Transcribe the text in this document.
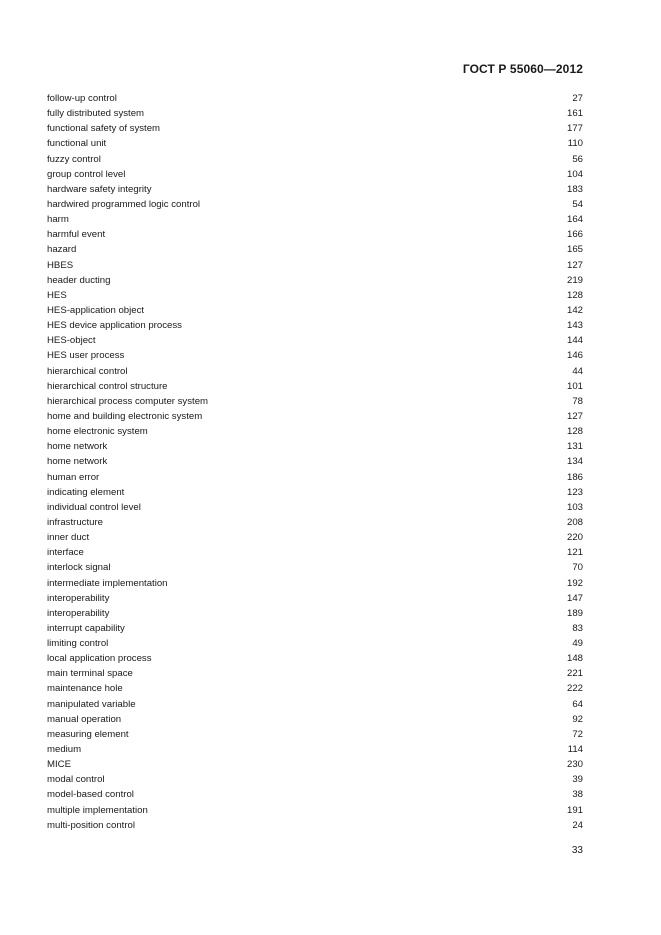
ГОСТ Р 55060—2012
follow-up control	27
fully distributed system	161
functional safety of system	177
functional unit	110
fuzzy control	56
group control level	104
hardware safety integrity	183
hardwired programmed logic control	54
harm	164
harmful event	166
hazard	165
HBES	127
header ducting	219
HES	128
HES-application object	142
HES device application process	143
HES-object	144
HES user process	146
hierarchical control	44
hierarchical control structure	101
hierarchical process computer system	78
home and building electronic system	127
home electronic system	128
home network	131
home network	134
human error	186
indicating element	123
individual control level	103
infrastructure	208
inner duct	220
interface	121
interlock signal	70
intermediate implementation	192
interoperability	147
interoperability	189
interrupt capability	83
limiting control	49
local application process	148
main terminal space	221
maintenance hole	222
manipulated variable	64
manual operation	92
measuring element	72
medium	114
MICE	230
modal control	39
model-based control	38
multiple implementation	191
multi-position control	24
33
